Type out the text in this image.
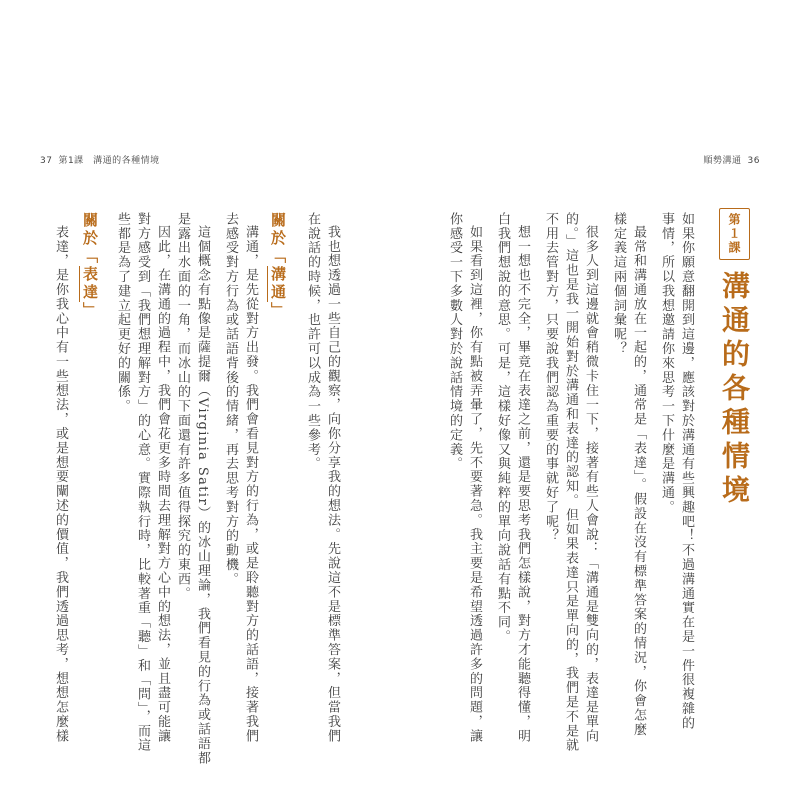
37 第1課　溝通的各種情境	順勢溝通 36
第１課 溝通的各種情境
如果你願意翻開到這邊，應該對於溝通有些興趣吧！不過溝通實在是一件很複雜的
事情，所以我想邀請你來思考一下什麼是溝通。
最常和溝通放在一起的，通常是「表達」。假設在沒有標準答案的情況，你會怎麼
樣定義這兩個詞彙呢？
很多人到這邊就會稍微卡住一下，接著有些人會說：「溝通是雙向的，表達是單向
的。」這也是我一開始對於溝通和表達的認知。但如果表達只是單向的，我們是不是就
不用去管對方，只要說我們認為重要的事就好了呢？
想一想也不完全，畢竟在表達之前，還是要思考我們怎樣說，對方才能聽得懂，明
白我們想說的意思。可是，這樣好像又與純粹的單向說話有點不同。
如果看到這裡，你有點被弄暈了，先不要著急。我主要是希望透過許多的問題，讓
你感受一下多數人對於說話情境的定義。
我也想透過一些自己的觀察，向你分享我的想法。先說這不是標準答案，但當我們
在說話的時候，也許可以成為一些參考。
關於「溝通」
溝通，是先從對方出發。我們會看見對方的行為，或是聆聽對方的話語，接著我們
去感受對方行為或話語背後的情緒，再去思考對方的動機。
這個概念有點像是薩提爾（Virginia Satir）的冰山理論，我們看見的行為或話語都
是露出水面的一角，而冰山的下面還有許多值得探究的東西。
因此，在溝通的過程中，我們會花更多時間去理解對方心中的想法，並且盡可能讓
對方感受到「我們想理解對方」的心意。實際執行時，比較著重「聽」和「問」，而這
些都是為了建立起更好的關係。
關於「表達」
表達，是你我心中有一些想法，或是想要闡述的價值，我們透過思考，想想怎麼樣
